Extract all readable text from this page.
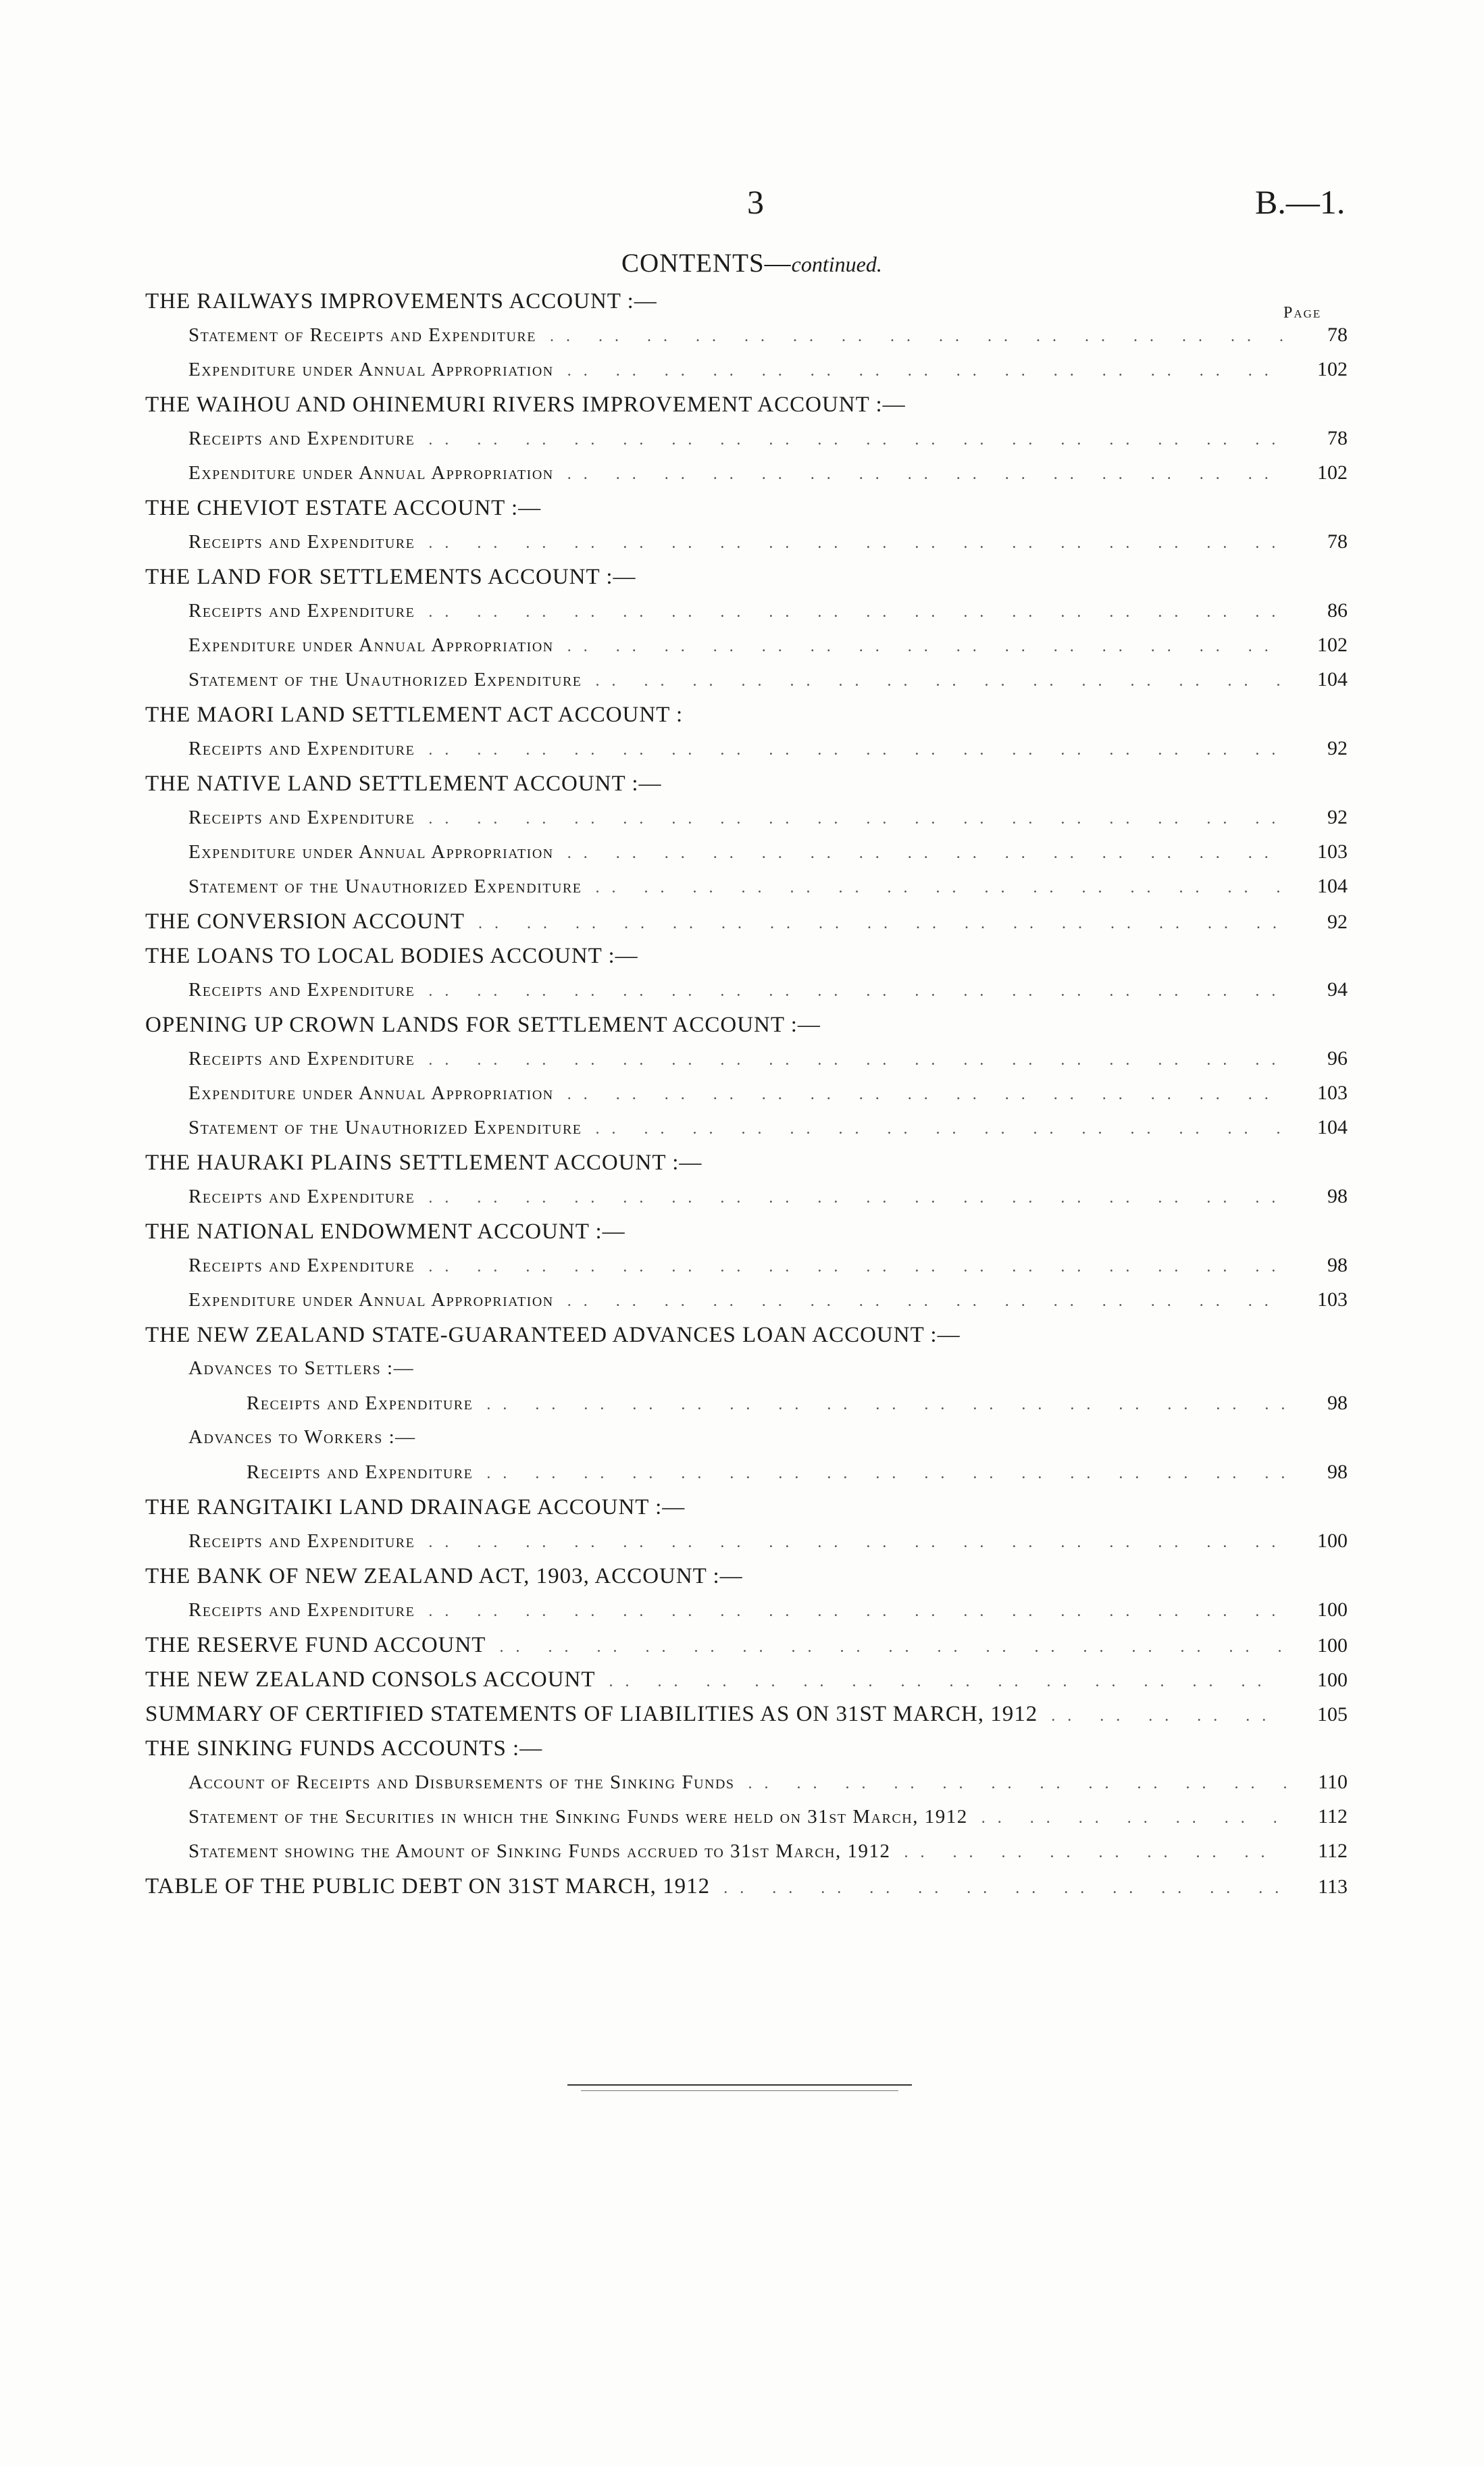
3	B.—1.
CONTENTS—continued.
Page
THE RAILWAYS IMPROVEMENTS ACCOUNT :—
Statement of Receipts and Expenditure .. ..	78
Expenditure under Annual Appropriation .. ..	102
THE WAIHOU AND OHINEMURI RIVERS IMPROVEMENT ACCOUNT :—
Receipts and Expenditure .. ..	78
Expenditure under Annual Appropriation .. ..	102
THE CHEVIOT ESTATE ACCOUNT :—
Receipts and Expenditure .. ..	78
THE LAND FOR SETTLEMENTS ACCOUNT :—
Receipts and Expenditure .. ..	86
Expenditure under Annual Appropriation .. ..	102
Statement of the Unauthorized Expenditure .. ..	104
THE MAORI LAND SETTLEMENT ACT ACCOUNT :
Receipts and Expenditure .. ..	92
THE NATIVE LAND SETTLEMENT ACCOUNT :—
Receipts and Expenditure .. ..	92
Expenditure under Annual Appropriation .. ..	103
Statement of the Unauthorized Expenditure .. ..	104
THE CONVERSION ACCOUNT .. ..	92
THE LOANS TO LOCAL BODIES ACCOUNT :—
Receipts and Expenditure .. ..	94
OPENING UP CROWN LANDS FOR SETTLEMENT ACCOUNT :—
Receipts and Expenditure .. ..	96
Expenditure under Annual Appropriation .. ..	103
Statement of the Unauthorized Expenditure .. ..	104
THE HAURAKI PLAINS SETTLEMENT ACCOUNT :—
Receipts and Expenditure .. ..	98
THE NATIONAL ENDOWMENT ACCOUNT :—
Receipts and Expenditure .. ..	98
Expenditure under Annual Appropriation .. ..	103
THE NEW ZEALAND STATE-GUARANTEED ADVANCES LOAN ACCOUNT :—
Advances to Settlers :—
Receipts and Expenditure .. ..	98
Advances to Workers :—
Receipts and Expenditure .. ..	98
THE RANGITAIKI LAND DRAINAGE ACCOUNT :—
Receipts and Expenditure .. ..	100
THE BANK OF NEW ZEALAND ACT, 1903, ACCOUNT :—
Receipts and Expenditure .. ..	100
THE RESERVE FUND ACCOUNT .. ..	100
THE NEW ZEALAND CONSOLS ACCOUNT .. ..	100
SUMMARY OF CERTIFIED STATEMENTS OF LIABILITIES AS ON 31ST MARCH, 1912 .. ..	105
THE SINKING FUNDS ACCOUNTS :—
Account of Receipts and Disbursements of the Sinking Funds .. ..	110
Statement of the Securities in which the Sinking Funds were held on 31st March, 1912 .. ..	112
Statement showing the Amount of Sinking Funds accrued to 31st March, 1912 .. ..	112
TABLE OF THE PUBLIC DEBT ON 31ST MARCH, 1912 .. ..	113
